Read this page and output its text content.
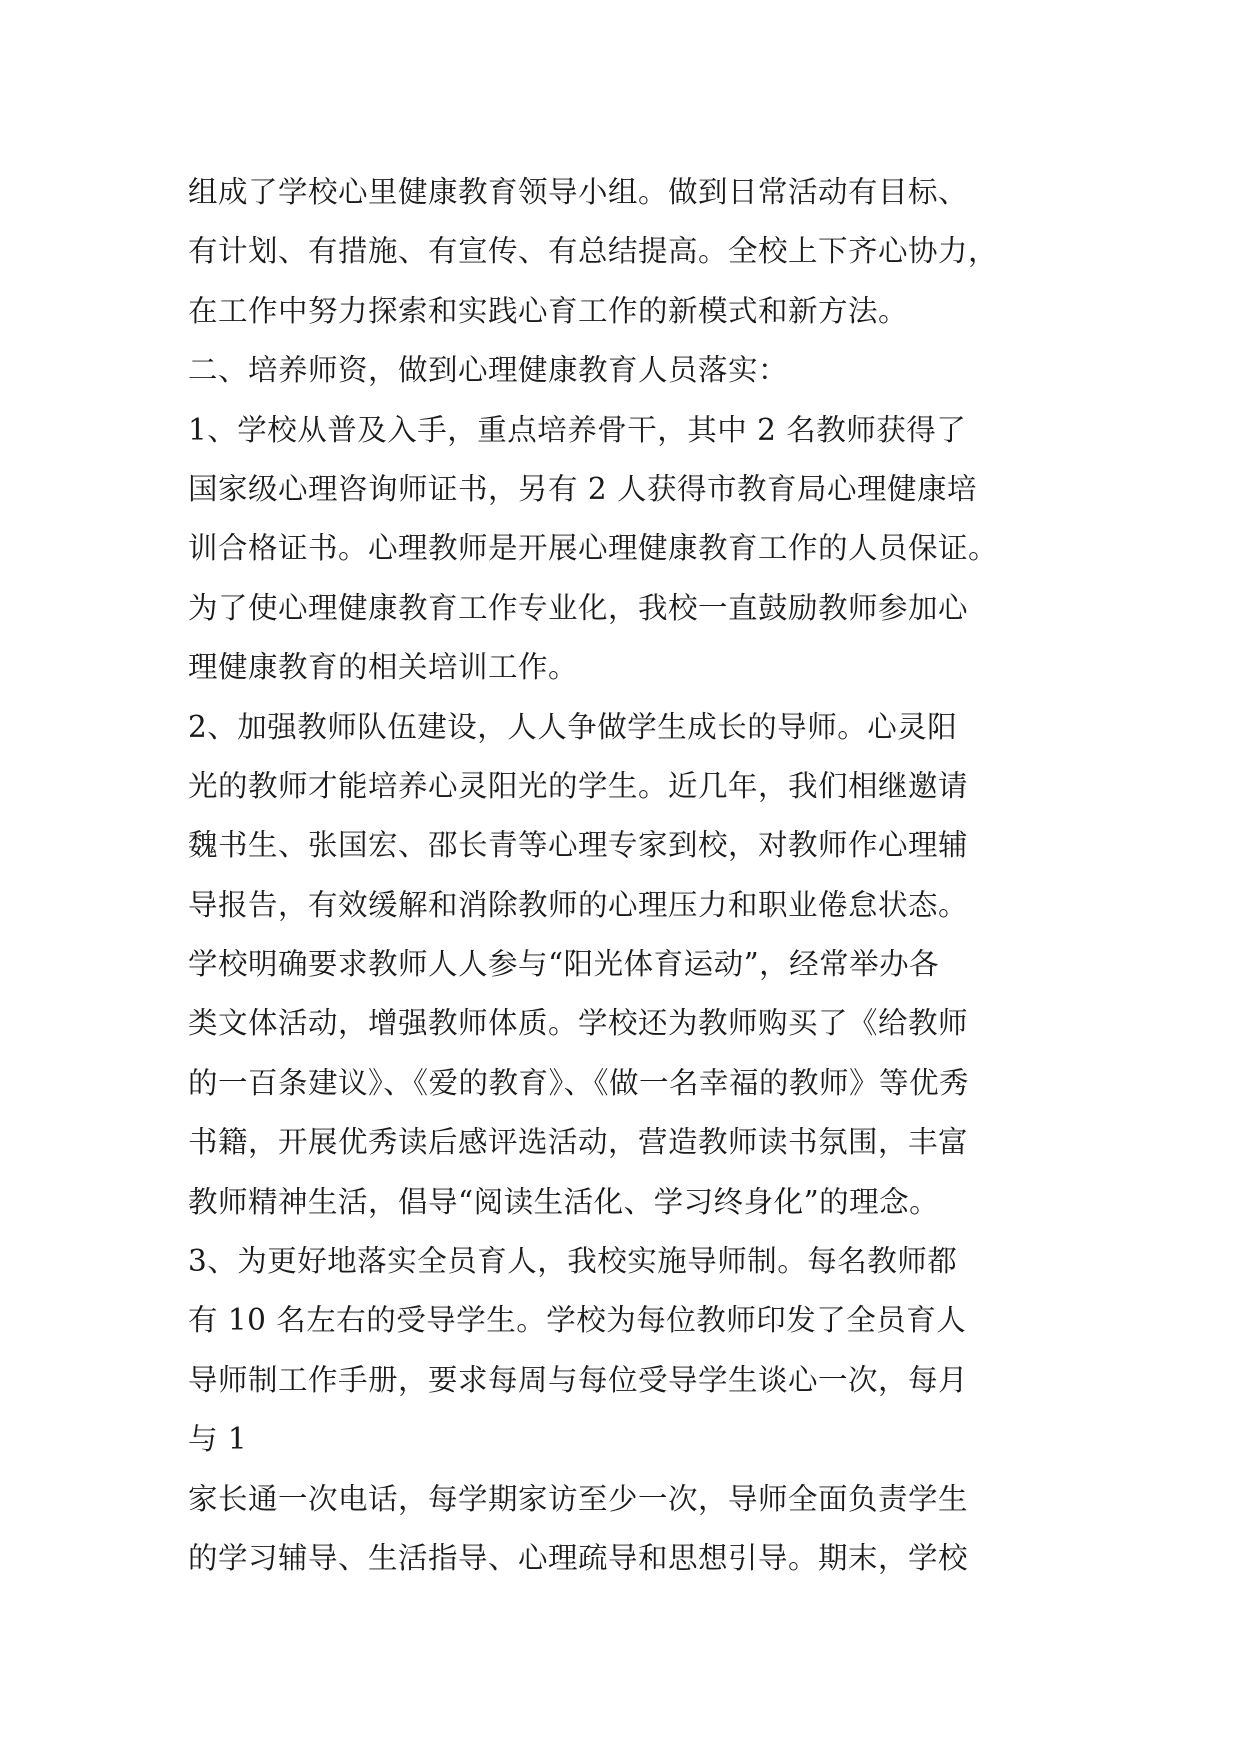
组成了学校心里健康教育领导小组。做到日常活动有目标、
有计划、有措施、有宣传、有总结提高。全校上下齐心协力，
在工作中努力探索和实践心育工作的新模式和新方法。
二、培养师资，做到心理健康教育人员落实：
1、学校从普及入手，重点培养骨干，其中 2 名教师获得了
国家级心理咨询师证书，另有 2 人获得市教育局心理健康培
训合格证书。心理教师是开展心理健康教育工作的人员保证。
为了使心理健康教育工作专业化，我校一直鼓励教师参加心
理健康教育的相关培训工作。
2、加强教师队伍建设，人人争做学生成长的导师。心灵阳
光的教师才能培养心灵阳光的学生。近几年，我们相继邀请
魏书生、张国宏、邵长青等心理专家到校，对教师作心理辅
导报告，有效缓解和消除教师的心理压力和职业倦怠状态。
学校明确要求教师人人参与“阳光体育运动”，经常举办各
类文体活动，增强教师体质。学校还为教师购买了《给教师
的一百条建议》、《爱的教育》、《做一名幸福的教师》等优秀
书籍，开展优秀读后感评选活动，营造教师读书氛围，丰富
教师精神生活，倡导“阅读生活化、学习终身化”的理念。
3、为更好地落实全员育人，我校实施导师制。每名教师都
有 10 名左右的受导学生。学校为每位教师印发了全员育人
导师制工作手册，要求每周与每位受导学生谈心一次，每月
与 1
家长通一次电话，每学期家访至少一次，导师全面负责学生
的学习辅导、生活指导、心理疏导和思想引导。期末，学校
